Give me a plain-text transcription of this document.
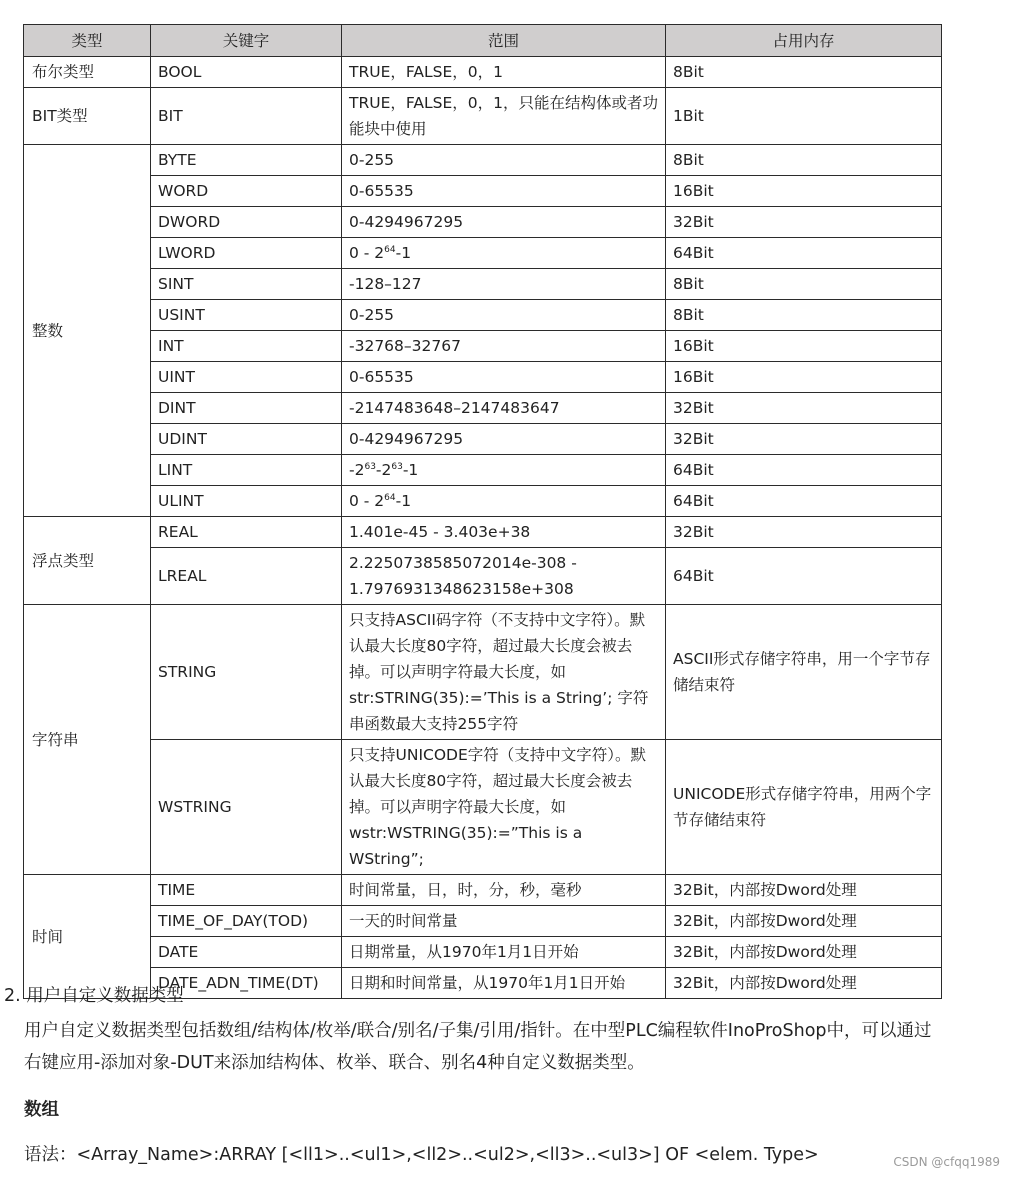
类型	关键字	范围	占用内存
布尔类型	BOOL	TRUE，FALSE，0，1	8Bit
BIT类型	BIT	TRUE，FALSE，0，1，只能在结构体或者功能块中使用	1Bit
整数	BYTE	0-255	8Bit
	WORD	0-65535	16Bit
	DWORD	0-4294967295	32Bit
	LWORD	$0 - 2^{64}-1$	64Bit
	SINT	-128–127	8Bit
	USINT	0-255	8Bit
	INT	-32768–32767	16Bit
	UINT	0-65535	16Bit
	DINT	-2147483648–2147483647	32Bit
	UDINT	0-4294967295	32Bit
	LINT	$-2^{63}-2^{63}-1$	64Bit
	ULINT	$0 - 2^{64}-1$	64Bit
浮点类型	REAL	1.401e-45 - 3.403e+38	32Bit
	LREAL	2.2250738585072014e-308 - 1.7976931348623158e+308	64Bit
字符串	STRING	只支持ASCII码字符（不支持中文字符）。默认最大长度80字符，超过最大长度会被去掉。可以声明字符最大长度，如str:STRING(35):=’This is a String’; 字符串函数最大支持255字符	ASCII形式存储字符串，用一个字节存储结束符
	WSTRING	只支持UNICODE字符（支持中文字符）。默认最大长度80字符，超过最大长度会被去掉。可以声明字符最大长度，如wstr:WSTRING(35):=”This is a WString”;	UNICODE形式存储字符串，用两个字节存储结束符
时间	TIME	时间常量，日，时，分，秒，毫秒	32Bit，内部按Dword处理
	TIME_OF_DAY(TOD)	一天的时间常量	32Bit，内部按Dword处理
	DATE	日期常量，从1970年1月1日开始	32Bit，内部按Dword处理
	DATE_ADN_TIME(DT)	日期和时间常量，从1970年1月1日开始	32Bit，内部按Dword处理
2. 用户自定义数据类型
用户自定义数据类型包括数组/结构体/枚举/联合/别名/子集/引用/指针。在中型PLC编程软件InoProShop中，可以通过右键应用-添加对象-DUT来添加结构体、枚举、联合、别名4种自定义数据类型。
数组
语法：<Array_Name>:ARRAY [<ll1>..<ul1>,<ll2>..<ul2>,<ll3>..<ul3>] OF <elem. Type>	CSDN @cfqq1989
